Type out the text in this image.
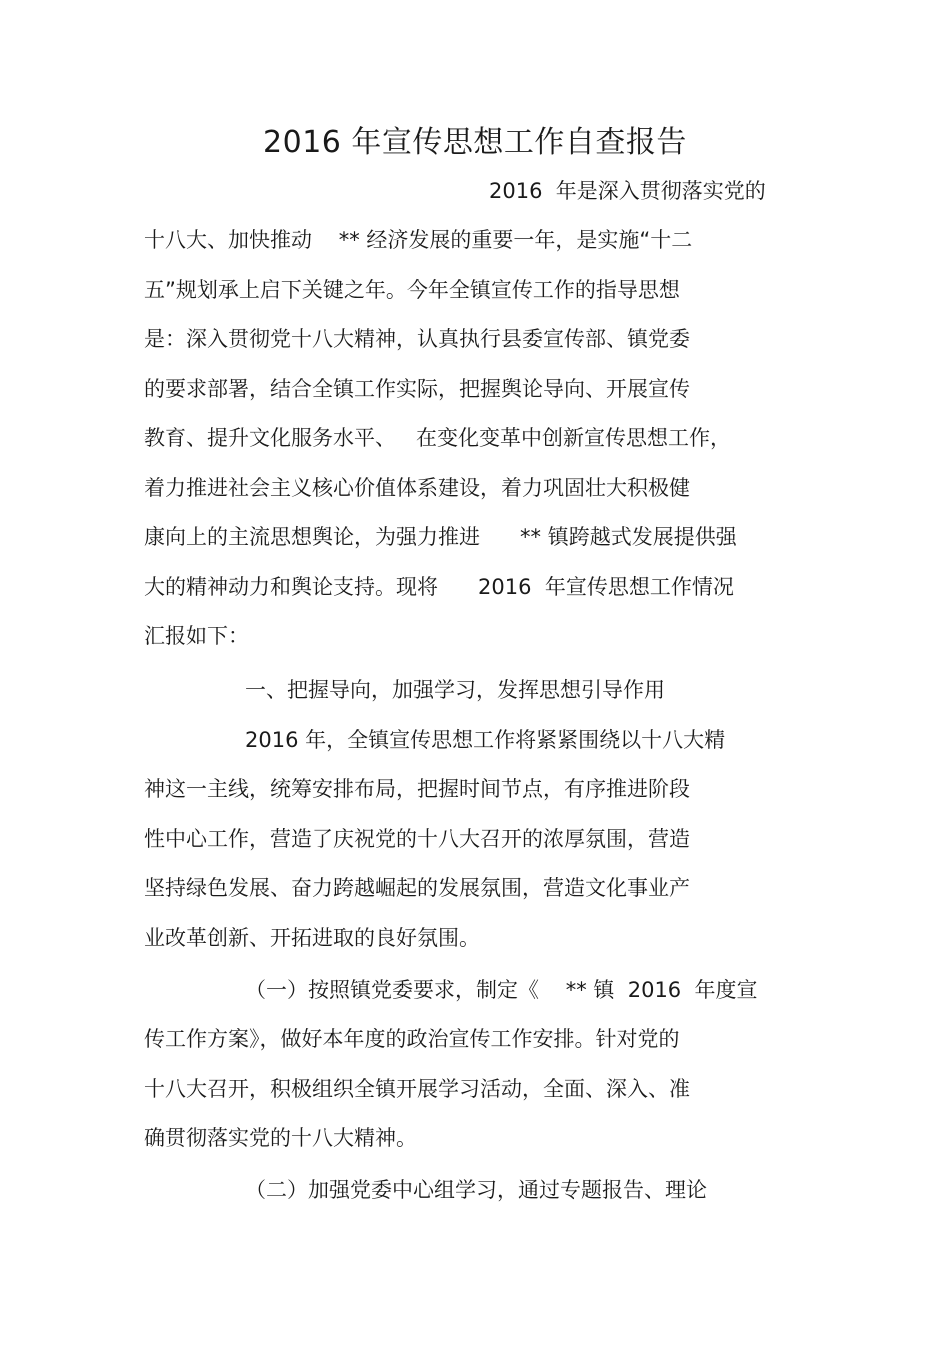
2016 年宣传思想工作自查报告
2016  年是深入贯彻落实党的
十八大、加快推动    ** 经济发展的重要一年，是实施“十二
五”规划承上启下关键之年。今年全镇宣传工作的指导思想
是：深入贯彻党十八大精神，认真执行县委宣传部、镇党委
的要求部署，结合全镇工作实际，把握舆论导向、开展宣传
教育、提升文化服务水平、   在变化变革中创新宣传思想工作，
着力推进社会主义核心价值体系建设，着力巩固壮大积极健
康向上的主流思想舆论，为强力推进      ** 镇跨越式发展提供强
大的精神动力和舆论支持。现将      2016  年宣传思想工作情况
汇报如下：
一、把握导向，加强学习，发挥思想引导作用
2016 年，全镇宣传思想工作将紧紧围绕以十八大精
神这一主线，统筹安排布局，把握时间节点，有序推进阶段
性中心工作，营造了庆祝党的十八大召开的浓厚氛围，营造
坚持绿色发展、奋力跨越崛起的发展氛围，营造文化事业产
业改革创新、开拓进取的良好氛围。
（一）按照镇党委要求，制定《    ** 镇  2016  年度宣
传工作方案》，做好本年度的政治宣传工作安排。针对党的
十八大召开，积极组织全镇开展学习活动，全面、深入、准
确贯彻落实党的十八大精神。
（二）加强党委中心组学习，通过专题报告、理论
